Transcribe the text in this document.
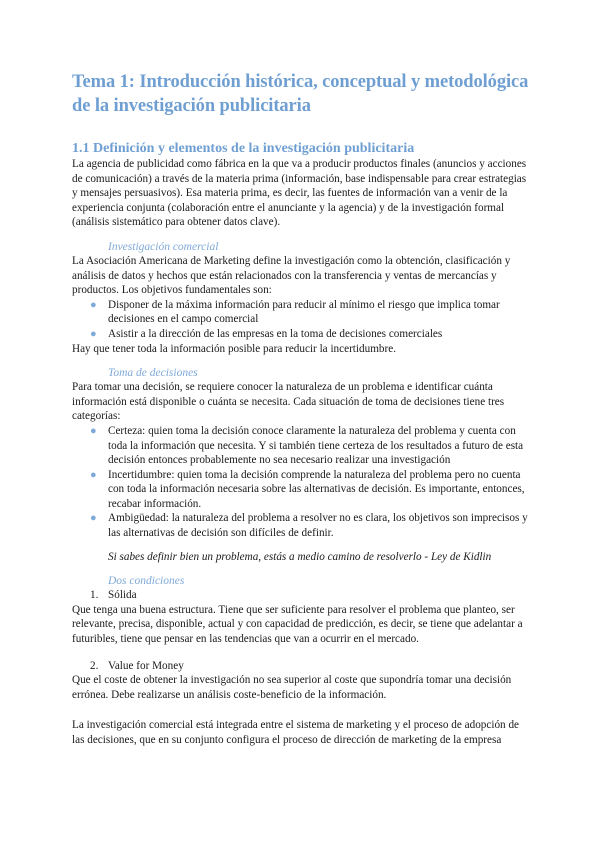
Tema 1: Introducción histórica, conceptual y metodológica de la investigación publicitaria
1.1 Definición y elementos de la investigación publicitaria

La agencia de publicidad como fábrica en la que va a producir productos finales (anuncios y acciones de comunicación) a través de la materia prima (información, base indispensable para crear estrategias y mensajes persuasivos). Esa materia prima, es decir, las fuentes de información van a venir de la experiencia conjunta (colaboración entre el anunciante y la agencia) y de la investigación formal (análisis sistemático para obtener datos clave).

Investigación comercial

La Asociación Americana de Marketing define la investigación como la obtención, clasificación y análisis de datos y hechos que están relacionados con la transferencia y ventas de mercancías y productos. Los objetivos fundamentales son:

● Disponer de la máxima información para reducir al mínimo el riesgo que implica tomar decisiones en el campo comercial
● Asistir a la dirección de las empresas en la toma de decisiones comerciales

Hay que tener toda la información posible para reducir la incertidumbre.

Toma de decisiones

Para tomar una decisión, se requiere conocer la naturaleza de un problema e identificar cuánta información está disponible o cuánta se necesita. Cada situación de toma de decisiones tiene tres categorías:

● Certeza: quien toma la decisión conoce claramente la naturaleza del problema y cuenta con toda la información que necesita. Y si también tiene certeza de los resultados a futuro de esta decisión entonces probablemente no sea necesario realizar una investigación
● Incertidumbre: quien toma la decisión comprende la naturaleza del problema pero no cuenta con toda la información necesaria sobre las alternativas de decisión. Es importante, entonces, recabar información.
● Ambigüedad: la naturaleza del problema a resolver no es clara, los objetivos son imprecisos y las alternativas de decisión son difíciles de definir.

Si sabes definir bien un problema, estás a medio camino de resolverlo - Ley de Kidlin

Dos condiciones
1. Sólida

Que tenga una buena estructura. Tiene que ser suficiente para resolver el problema que planteo, ser relevante, precisa, disponible, actual y con capacidad de predicción, es decir, se tiene que adelantar a futuribles, tiene que pensar en las tendencias que van a ocurrir en el mercado.

2. Value for Money

Que el coste de obtener la investigación no sea superior al coste que supondría tomar una decisión errónea. Debe realizarse un análisis coste-beneficio de la información.

La investigación comercial está integrada entre el sistema de marketing y el proceso de adopción de las decisiones, que en su conjunto configura el proceso de dirección de marketing de la empresa
